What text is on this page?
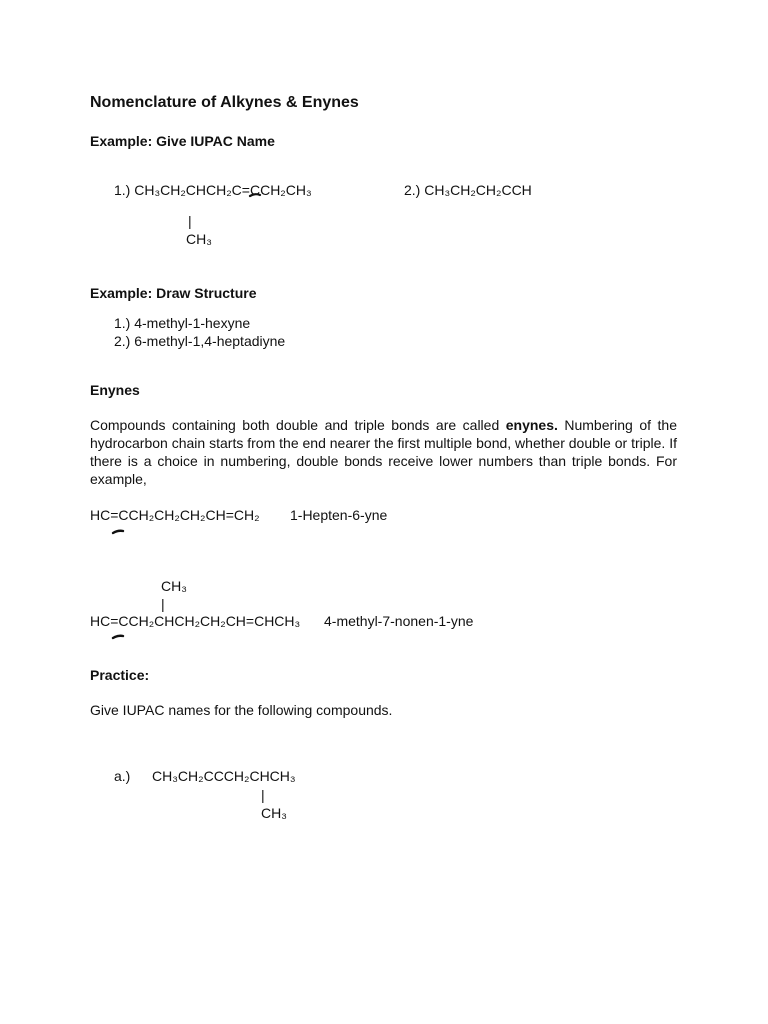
Nomenclature of Alkynes & Enynes
Example: Give IUPAC Name
1.) CH₃CH₂CHCH₂C=CCH₂CH₃
|
CH₃
2.) CH₃CH₂CH₂CCH
Example: Draw Structure
1.) 4-methyl-1-hexyne
2.) 6-methyl-1,4-heptadiyne
Enynes
Compounds containing both double and triple bonds are called enynes. Numbering of the hydrocarbon chain starts from the end nearer the first multiple bond, whether double or triple. If there is a choice in numbering, double bonds receive lower numbers than triple bonds. For example,
HC=CCH₂CH₂CH₂CH=CH₂ 1-Hepten-6-yne
CH₃
|
HC=CCH₂CHCH₂CH₂CH=CHCH₃ 4-methyl-7-nonen-1-yne
Practice:
Give IUPAC names for the following compounds.
a.) CH₃CH₂CCCH₂CHCH₃
|
CH₃
